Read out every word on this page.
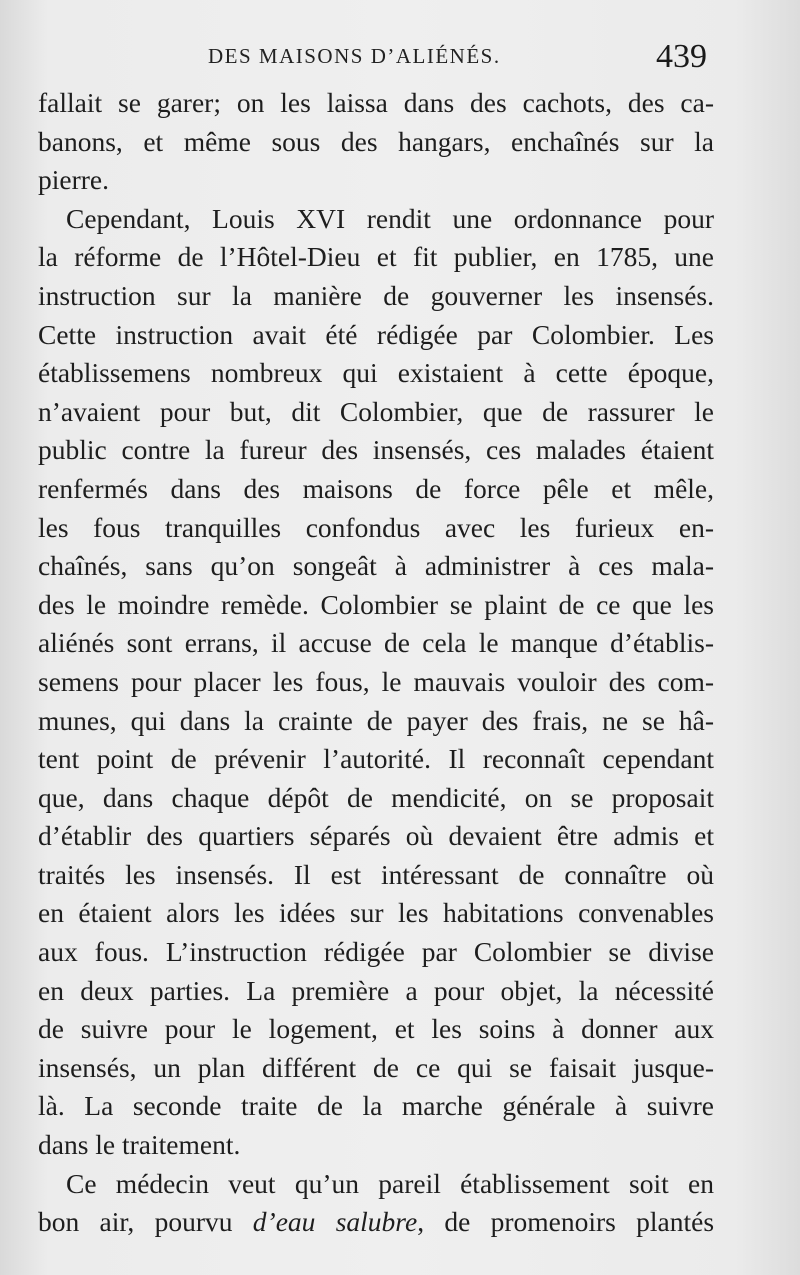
DES MAISONS D’ALIÉNÉS.	439
fallait se garer; on les laissa dans des cachots, des ca-
banons, et même sous des hangars, enchaînés sur la
pierre.
Cependant, Louis XVI rendit une ordonnance pour
la réforme de l’Hôtel-Dieu et fit publier, en 1785, une
instruction sur la manière de gouverner les insensés.
Cette instruction avait été rédigée par Colombier. Les
établissemens nombreux qui existaient à cette époque,
n’avaient pour but, dit Colombier, que de rassurer le
public contre la fureur des insensés, ces malades étaient
renfermés dans des maisons de force pêle et mêle,
les fous tranquilles confondus avec les furieux en-
chaînés, sans qu’on songeât à administrer à ces mala-
des le moindre remède. Colombier se plaint de ce que les
aliénés sont errans, il accuse de cela le manque d’établis-
semens pour placer les fous, le mauvais vouloir des com-
munes, qui dans la crainte de payer des frais, ne se hâ-
tent point de prévenir l’autorité. Il reconnaît cependant
que, dans chaque dépôt de mendicité, on se proposait
d’établir des quartiers séparés où devaient être admis et
traités les insensés. Il est intéressant de connaître où
en étaient alors les idées sur les habitations convenables
aux fous. L’instruction rédigée par Colombier se divise
en deux parties. La première a pour objet, la nécessité
de suivre pour le logement, et les soins à donner aux
insensés, un plan différent de ce qui se faisait jusque-
là. La seconde traite de la marche générale à suivre
dans le traitement.
Ce médecin veut qu’un pareil établissement soit en
bon air, pourvu d’eau salubre, de promenoirs plantés
